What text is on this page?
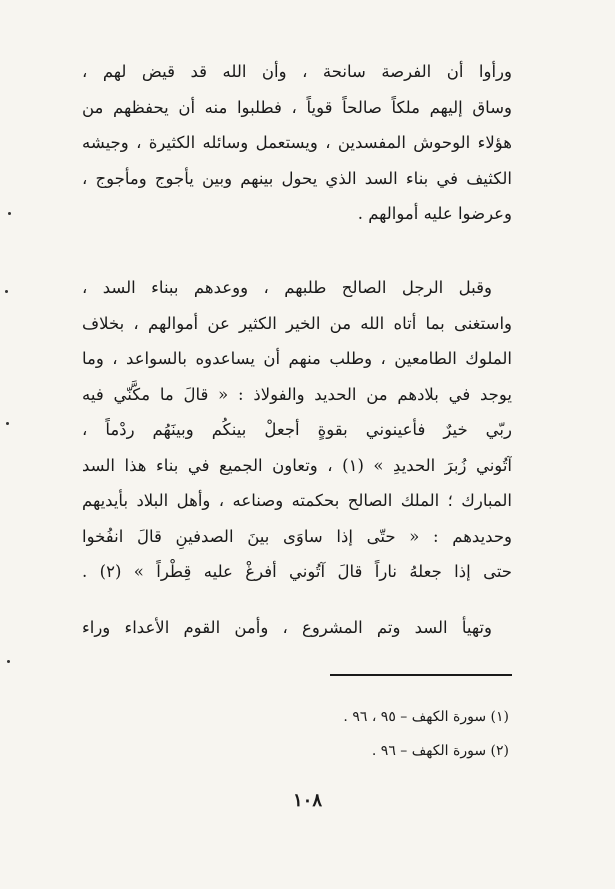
ورأوا أن الفرصة سانحة ، وأن الله قد قيض لهم ،
وساق إليهم ملكاً صالحاً قوياً ، فطلبوا منه أن يحفظهم من
هؤلاء الوحوش المفسدين ، ويستعمل وسائله الكثيرة ، وجيشه
الكثيف في بناء السد الذي يحول بينهم وبين يأجوج ومأجوج ،
وعرضوا عليه أموالهم .
وقبل الرجل الصالح طلبهم ، ووعدهم ببناء السد ،
واستغنى بما أتاه الله من الخير الكثير عن أموالهم ، بخلاف
الملوك الطامعين ، وطلب منهم أن يساعدوه بالسواعد ، وما
يوجد في بلادهم من الحديد والفولاذ : « قالَ ما مكَّنّي فيه
ربّي خيرٌ فأعينوني بقوةٍ أجعلْ بينكُم وبينَهُم ردْماً ،
آتُوني زُبرَ الحديدِ » (١) ، وتعاون الجميع في بناء هذا السد
المبارك ؛ الملك الصالح بحكمته وصناعه ، وأهل البلاد بأيديهم
وحديدهم : « حتّى إذا ساوَى بينَ الصدفينِ قالَ انفُخوا
حتى إذا جعلهُ ناراً قالَ آتُوني أفرغْ عليه قِطْراً » (٢) .
وتهيأ السد وتم المشروع ، وأمن القوم الأعداء وراء
(١) سورة الكهف – ٩٥ ، ٩٦ .
(٢) سورة الكهف – ٩٦ .
١٠٨
